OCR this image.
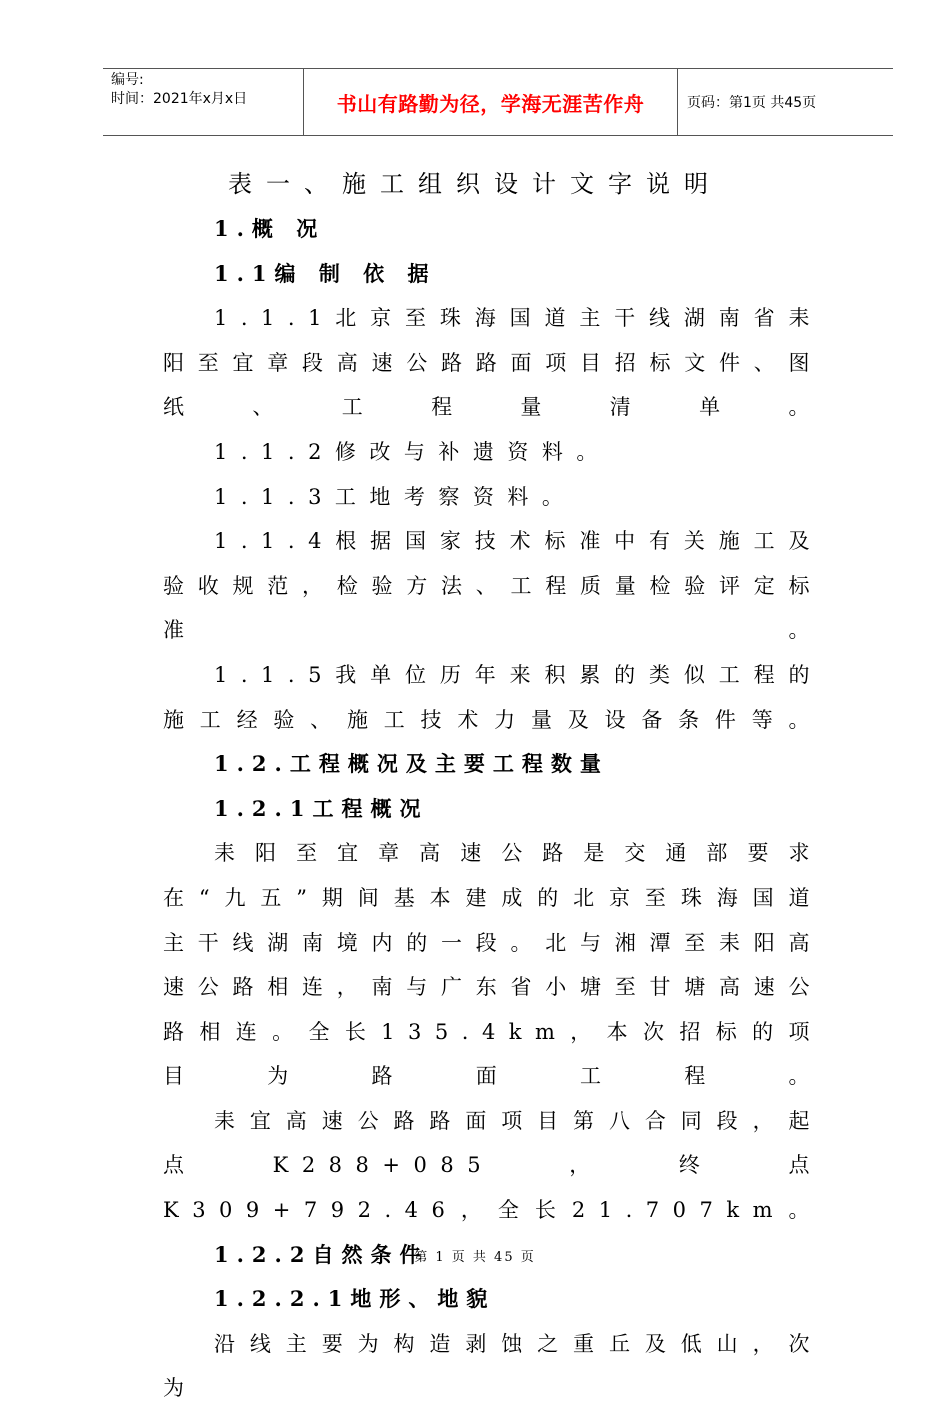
编号:
时间：2021年x月x日	书山有路勤为径，学海无涯苦作舟	页码：第1页 共45页
表一、施工组织设计文字说明

1.概 况

1.1编 制 依 据

1.1.1北京至珠海国道主干线湖南省耒阳至宜章段高速公路路面项目招标文件、图纸、工程量清单。

1.1.2修改与补遗资料。

1.1.3工地考察资料。

1.1.4根据国家技术标准中有关施工及验收规范，检验方法、工程质量检验评定标准。

1.1.5我单位历年来积累的类似工程的施工经验、施工技术力量及设备条件等。

1.2.工程概况及主要工程数量

1.2.1工程概况

耒阳至宜章高速公路是交通部要求在“九五”期间基本建成的北京至珠海国道主干线湖南境内的一段。北与湘潭至耒阳高速公路相连，南与广东省小塘至甘塘高速公路相连。全长135.4km，本次招标的项目为路面工程。

耒宜高速公路路面项目第八合同段，起点K288+085，终点K309+792.46，全长21.707km。

1.2.2自然条件

1.2.2.1地形、地貌

沿线主要为构造剥蚀之重丘及低山，次为

第 1 页 共 45 页
